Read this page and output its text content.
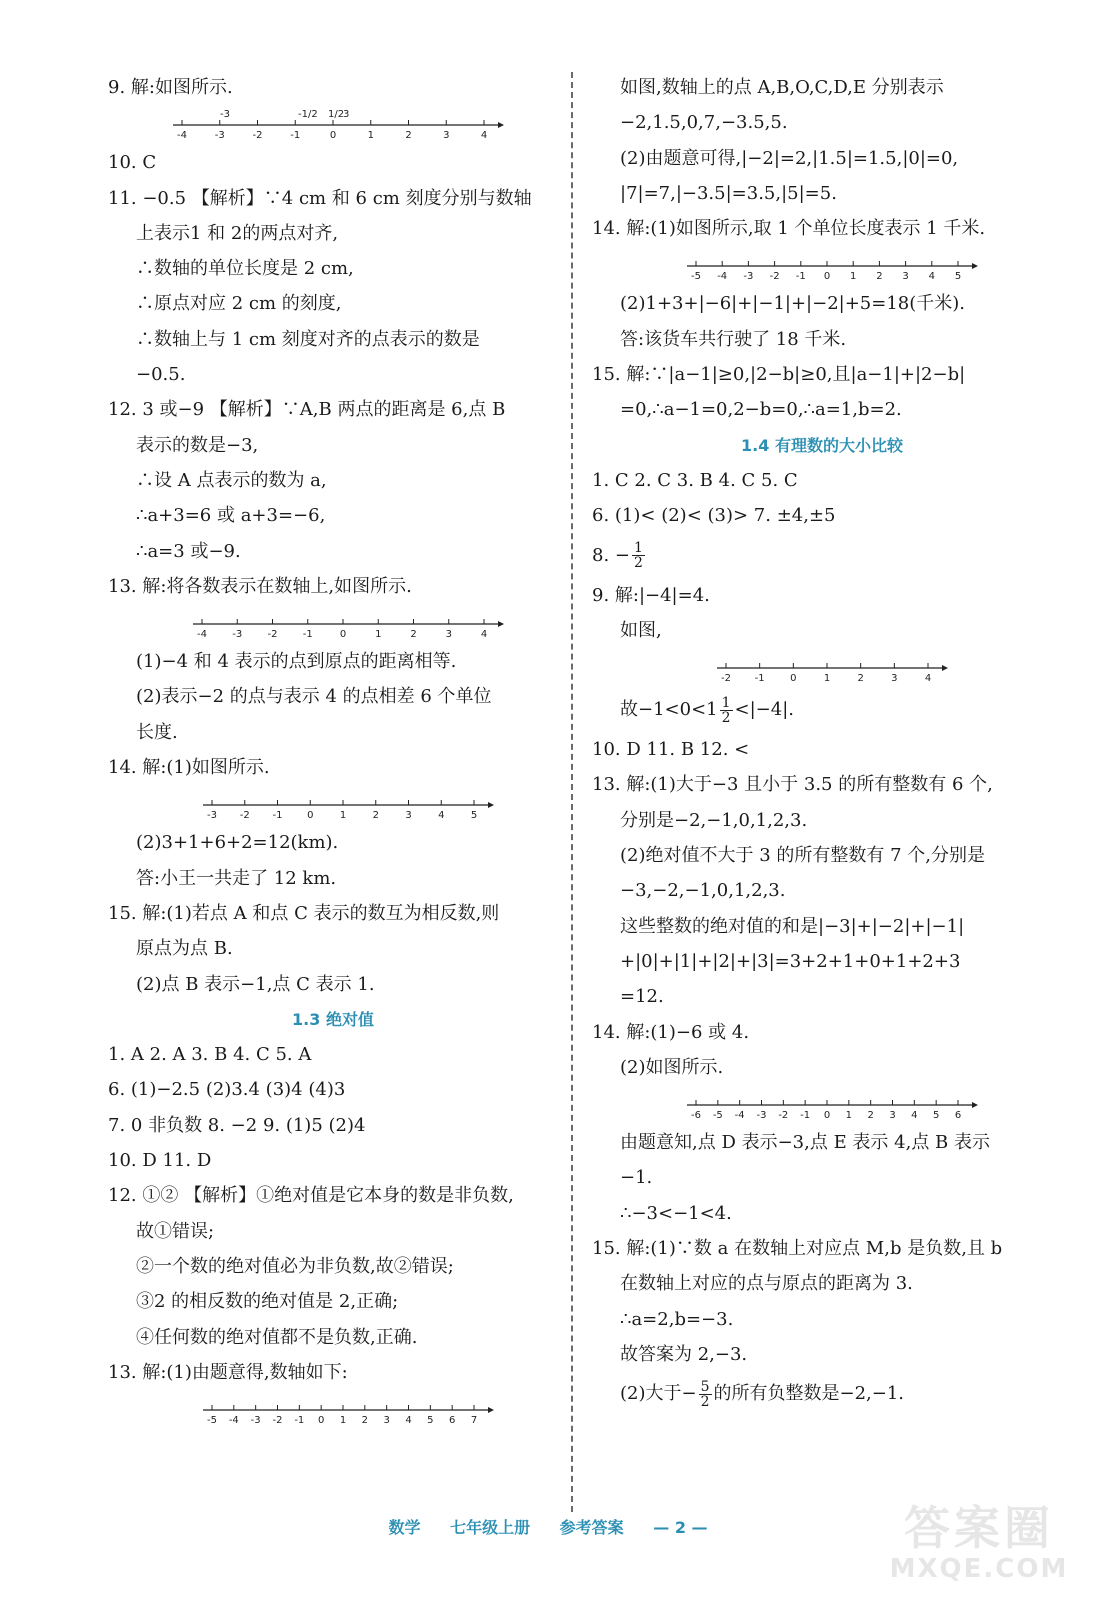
9. 解:如图所示.
-3	-1/2	3
1/2
-4	-3	-2	-1	0	1	2	3	4
10. C
11. −0.5 【解析】∵4 cm 和 6 cm 刻度分别与数轴
上表示1 和 2的两点对齐,
∴数轴的单位长度是 2 cm,
∴原点对应 2 cm 的刻度,
∴数轴上与 1 cm 刻度对齐的点表示的数是
−0.5.
12. 3 或−9 【解析】∵A,B 两点的距离是 6,点 B
表示的数是−3,
∴设 A 点表示的数为 a,
∴a+3=6 或 a+3=−6,
∴a=3 或−9.
13. 解:将各数表示在数轴上,如图所示.
-4	-3	-2	-1	0	1	2	3	4
(1)−4 和 4 表示的点到原点的距离相等.
(2)表示−2 的点与表示 4 的点相差 6 个单位
长度.
14. 解:(1)如图所示.
-3 -2 -1 0	1	2	3	4	5
(2)3+1+6+2=12(km).
答:小王一共走了 12 km.
15. 解:(1)若点 A 和点 C 表示的数互为相反数,则
原点为点 B.
(2)点 B 表示−1,点 C 表示 1.
1.3 绝对值
1. A 2. A 3. B 4. C 5. A
6. (1)−2.5 (2)3.4 (3)4 (4)3
7. 0 非负数 8. −2 9. (1)5 (2)4
10. D 11. D
12. ①② 【解析】①绝对值是它本身的数是非负数,
故①错误;
②一个数的绝对值必为非负数,故②错误;
③2 的相反数的绝对值是 2,正确;
④任何数的绝对值都不是负数,正确.
13. 解:(1)由题意得,数轴如下:
-5 -4 -3 -2 -1 0 1 2 3 4 5 6 7
如图,数轴上的点 A,B,O,C,D,E 分别表示
−2,1.5,0,7,−3.5,5.
(2)由题意可得,|−2|=2,|1.5|=1.5,|0|=0,
|7|=7,|−3.5|=3.5,|5|=5.
14. 解:(1)如图所示,取 1 个单位长度表示 1 千米.
-5 -4 -3 -2 -1 0 1 2 3 4 5
(2)1+3+|−6|+|−1|+|−2|+5=18(千米).
答:该货车共行驶了 18 千米.
15. 解:∵|a−1|≥0,|2−b|≥0,且|a−1|+|2−b|
=0,∴a−1=0,2−b=0,∴a=1,b=2.
1.4 有理数的大小比较
1. C 2. C 3. B 4. C 5. C
6. (1)< (2)< (3)> 7. ±4,±5
8. − $\frac{1}{2}$
9. 解:|−4|=4.
如图,
-2 -1	0	1	2	3	4
故$-1<0<1 \frac{1}{2} <|-4|$.
10. D 11. B 12. <
13. 解:(1)大于−3 且小于 3.5 的所有整数有 6 个,
分别是−2,−1,0,1,2,3.
(2)绝对值不大于 3 的所有整数有 7 个,分别是
−3,−2,−1,0,1,2,3.
这些整数的绝对值的和是|−3|+|−2|+|−1|
+|0|+|1|+|2|+|3|=3+2+1+0+1+2+3
=12.
14. 解:(1)−6 或 4.
(2)如图所示.
-6 -5 -4 -3 -2 -1 0 1 2 3 4 5 6
由题意知,点 D 表示−3,点 E 表示 4,点 B 表示
−1.
∴−3<−1<4.
15. 解:(1)∵数 a 在数轴上对应点 M,b 是负数,且 b
在数轴上对应的点与原点的距离为 3.
∴a=2,b=−3.
故答案为 2,−3.
(2)大于− $\frac{5}{2}$ 的所有负整数是−2,−1.
数学 七年级上册 参考答案 — 2 —	答案圈
MXQE.COM
